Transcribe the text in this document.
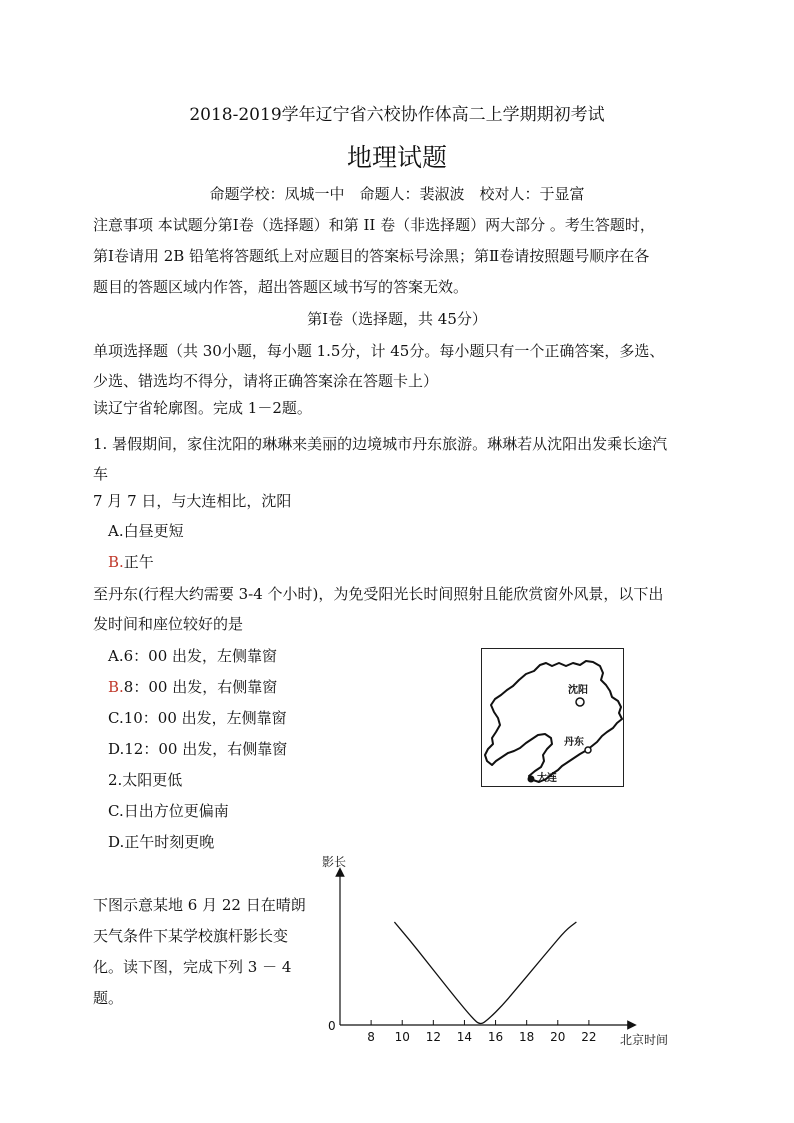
2018-2019学年辽宁省六校协作体高二上学期期初考试
地理试题
命题学校：凤城一中　命题人：裴淑波　校对人：于显富
注意事项 本试题分第Ⅰ卷（选择题）和第 II 卷（非选择题）两大部分 。考生答题时，
第Ⅰ卷请用 2B 铅笔将答题纸上对应题目的答案标号涂黑；第Ⅱ卷请按照题号顺序在各
题目的答题区域内作答，超出答题区域书写的答案无效。
第Ⅰ卷（选择题，共 45分）
单项选择题（共 30小题，每小题 1.5分，计 45分。每小题只有一个正确答案，多选、
少选、错选均不得分，请将正确答案涂在答题卡上）
读辽宁省轮廓图。完成 1－2题。
1. 暑假期间，家住沈阳的琳琳来美丽的边境城市丹东旅游。琳琳若从沈阳出发乘长途汽
车
7 月 7 日，与大连相比，沈阳
A.白昼更短
B.正午
至丹东(行程大约需要 3-4 个小时)，为免受阳光长时间照射且能欣赏窗外风景，以下出
发时间和座位较好的是
A.6：00 出发，左侧靠窗
B.8：00 出发，右侧靠窗
C.10：00 出发，左侧靠窗
D.12：00 出发，右侧靠窗
2.太阳更低
C.日出方位更偏南
D.正午时刻更晚
沈阳
丹东
大连
下图示意某地 6 月 22 日在晴朗
天气条件下某学校旗杆影长变
化。读下图，完成下列 3 － 4
题。
影长
0
北京时间
8 10 12 14 16 18 20 22
